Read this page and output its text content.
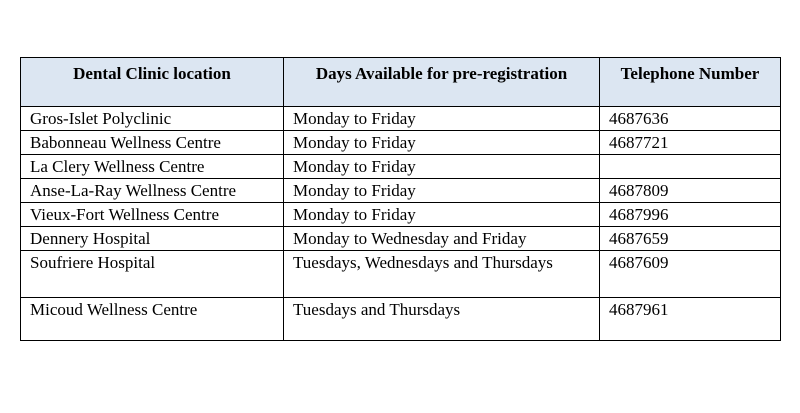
Dental Clinic location	Days Available for pre-registration	Telephone Number
Gros-Islet Polyclinic	Monday to Friday	4687636
Babonneau Wellness Centre	Monday to Friday	4687721
La Clery Wellness Centre	Monday to Friday	
Anse-La-Ray Wellness Centre	Monday to Friday	4687809
Vieux-Fort Wellness Centre	Monday to Friday	4687996
Dennery Hospital	Monday to Wednesday and Friday	4687659
Soufriere Hospital	Tuesdays, Wednesdays and Thursdays	4687609
Micoud Wellness Centre	Tuesdays and Thursdays	4687961
